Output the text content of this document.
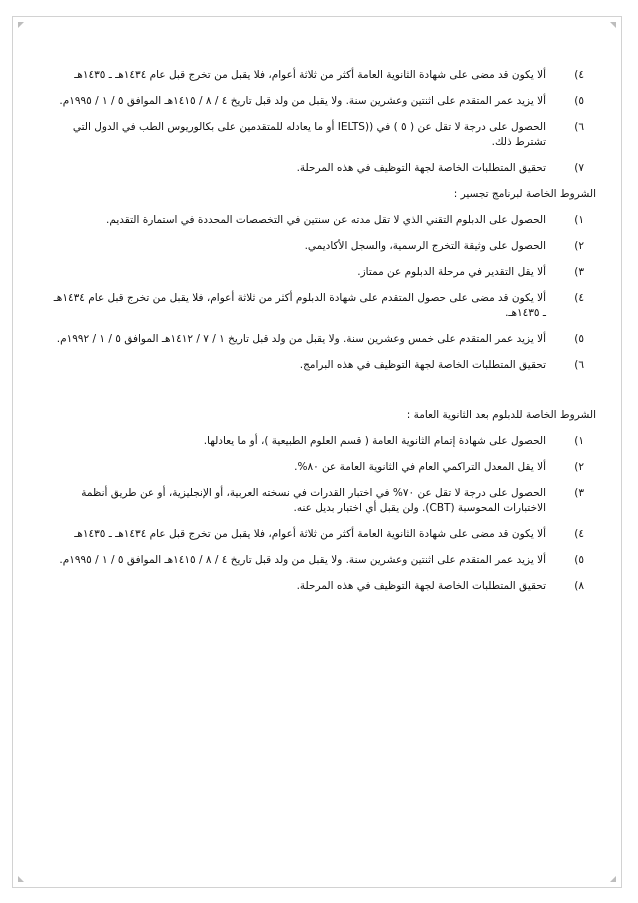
٤)
ألا يكون قد مضى على شهادة الثانوية العامة أكثر من ثلاثة أعوام، فلا يقبل من تخرج قبل عام ١٤٣٤هـ ـ ١٤٣٥هـ
٥)
ألا يزيد عمر المتقدم على اثنتين وعشرين سنة. ولا يقبل من ولد قبل تاريخ ٤ / ٨ / ١٤١٥هـ الموافق ٥ / ١ / ١٩٩٥م.
٦)
الحصول على درجة لا تقل عن ( ٥ ) في ((IELTS أو ما يعادله للمتقدمين على بكالوريوس الطب في الدول التي تشترط ذلك.
٧)
تحقيق المتطلبات الخاصة لجهة التوظيف في هذه المرحلة.
الشروط الخاصة لبرنامج تجسير :
١)
الحصول على الدبلوم التقني الذي لا تقل مدته عن سنتين في التخصصات المحددة في استمارة التقديم.
٢)
الحصول على وثيقة التخرج الرسمية، والسجل الأكاديمي.
٣)
ألا يقل التقدير في مرحلة الدبلوم عن ممتاز.
٤)
ألا يكون قد مضى على حصول المتقدم على شهادة الدبلوم أكثر من ثلاثة أعوام، فلا يقبل من تخرج قبل عام ١٤٣٤هـ ـ ١٤٣٥هـ.
٥)
ألا يزيد عمر المتقدم على خمس وعشرين سنة. ولا يقبل من ولد قبل تاريخ ١ / ٧ / ١٤١٢هـ الموافق ٥ / ١ / ١٩٩٢م.
٦)
تحقيق المتطلبات الخاصة لجهة التوظيف في هذه البرامج.
الشروط الخاصة للدبلوم بعد الثانوية العامة :
١)
الحصول على شهادة إتمام الثانوية العامة ( قسم العلوم الطبيعية )، أو ما يعادلها.
٢)
ألا يقل المعدل التراكمي العام في الثانوية العامة عن ٨٠%.
٣)
الحصول على درجة لا تقل عن ٧٠% في اختبار القدرات في نسخته العربية، أو الإنجليزية، أو عن طريق أنظمة الاختبارات المحوسبة (CBT). ولن يقبل أي اختبار بديل عنه.
٤)
ألا يكون قد مضى على شهادة الثانوية العامة أكثر من ثلاثة أعوام، فلا يقبل من تخرج قبل عام ١٤٣٤هـ ـ ١٤٣٥هـ
٥)
ألا يزيد عمر المتقدم على اثنتين وعشرين سنة. ولا يقبل من ولد قبل تاريخ ٤ / ٨ / ١٤١٥هـ الموافق ٥ / ١ / ١٩٩٥م.
٨)
تحقيق المتطلبات الخاصة لجهة التوظيف في هذه المرحلة.
